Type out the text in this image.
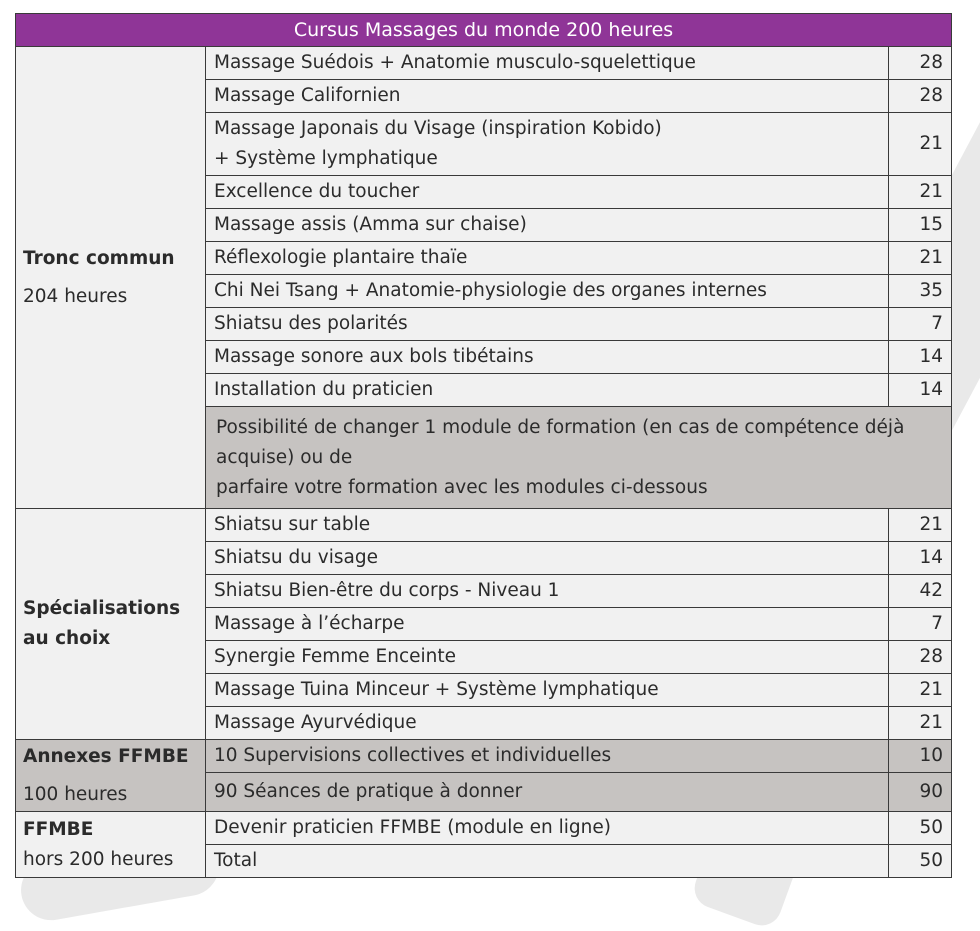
Cursus Massages du monde 200 heures		

Tronc commun
204 heures	Massage Suédois + Anatomie musculo-squelettique	28
	Massage Californien	28

	Massage Japonais du Visage (inspiration Kobido)
+ Système lymphatique	21
	Excellence du toucher	21
	Massage assis (Amma sur chaise)	15
	Réflexologie plantaire thaïe	21
	Chi Nei Tsang + Anatomie-physiologie des organes internes	35
	Shiatsu des polarités	7
	Massage sonore aux bols tibétains	14
	Installation du praticien	14

	Possibilité de changer 1 module de formation (en cas de compétence déjà acquise) ou de
parfaire votre formation avec les modules ci-dessous	

Spécialisations
au choix	Shiatsu sur table	21
	Shiatsu du visage	14
	Shiatsu Bien-être du corps - Niveau 1	42
	Massage à l’écharpe	7
	Synergie Femme Enceinte	28
	Massage Tuina Minceur + Système lymphatique	21
	Massage Ayurvédique	21

Annexes FFMBE
100 heures	10 Supervisions collectives et individuelles	10
	90 Séances de pratique à donner	90

FFMBE
hors 200 heures	Devenir praticien FFMBE (module en ligne)	50
	Total	50
